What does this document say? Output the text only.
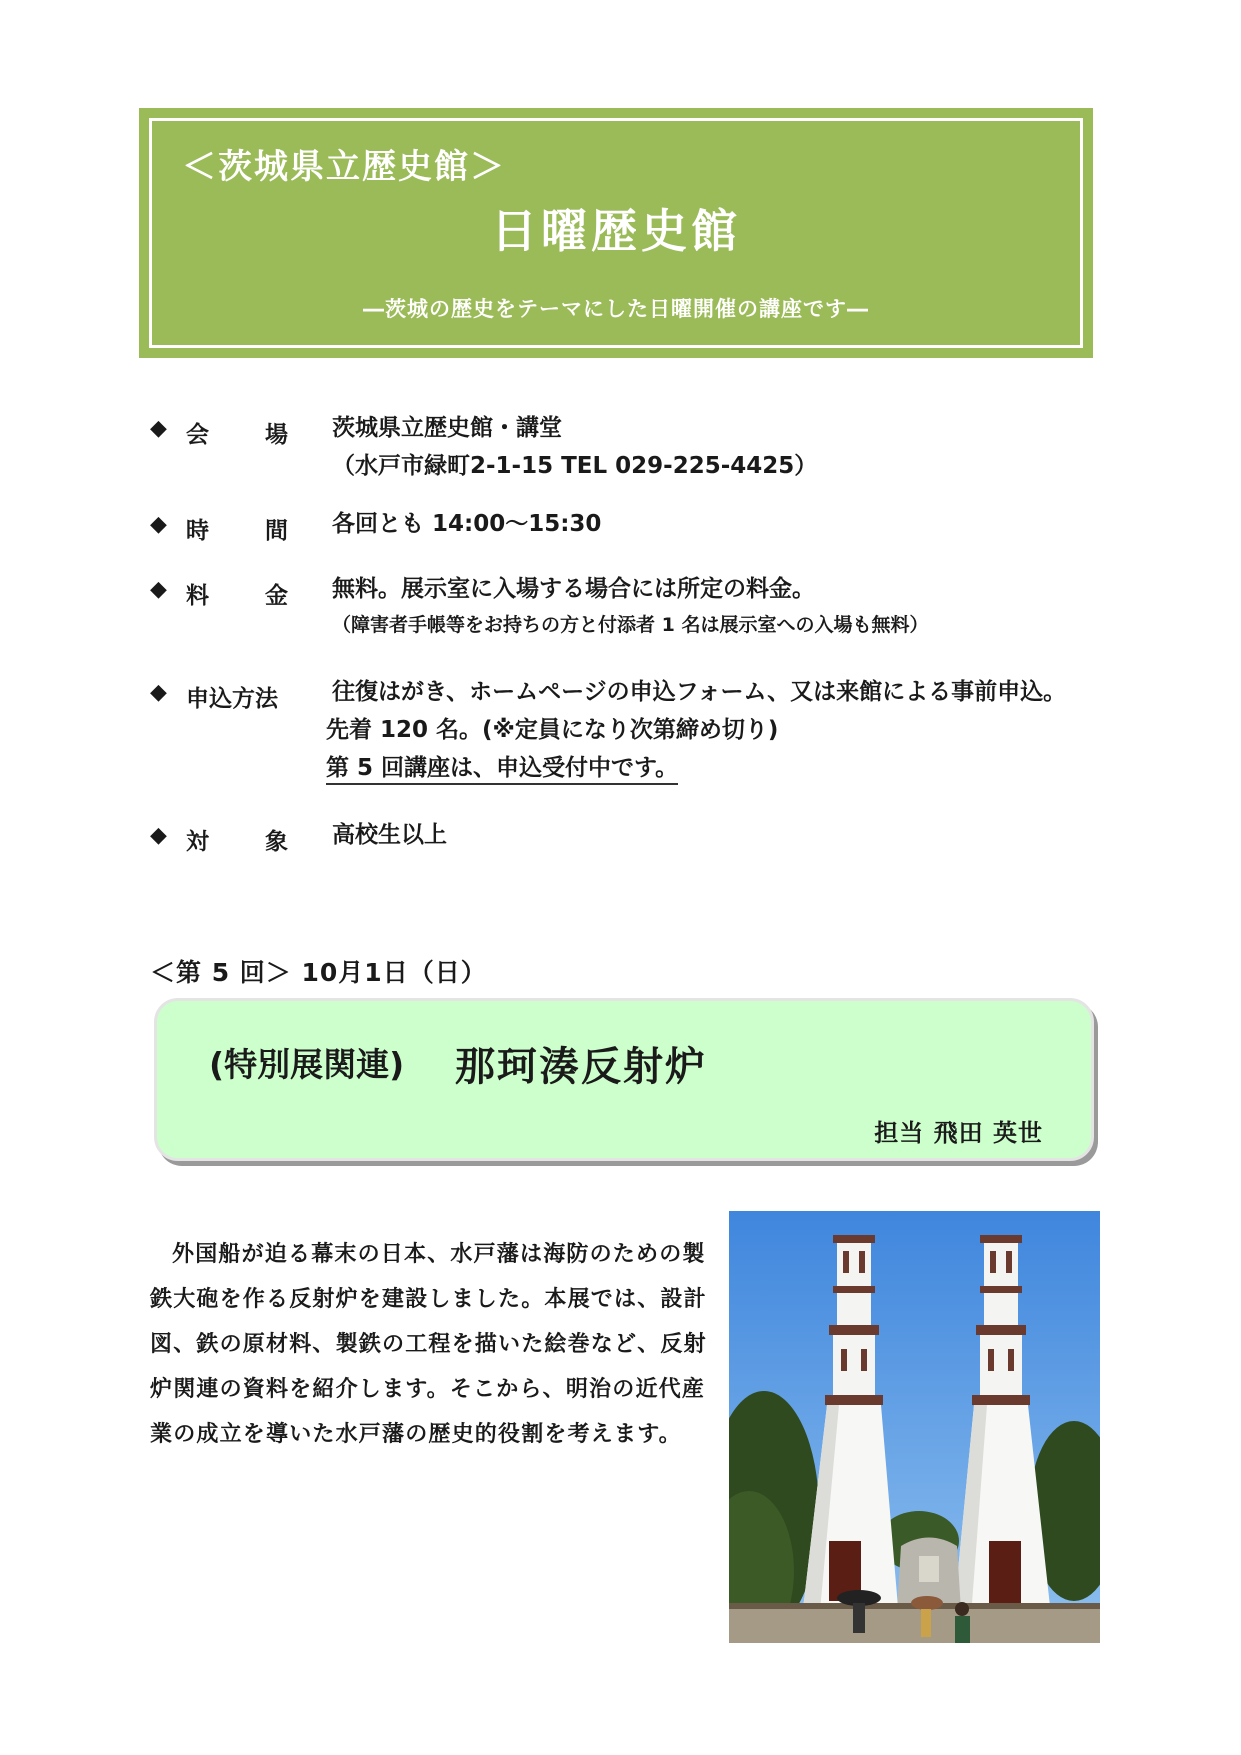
＜茨城県立歴史館＞
日曜歴史館
―茨城の歴史をテーマにした日曜開催の講座です―
◆ 会 場 茨城県立歴史館・講堂
（水戸市緑町2-1-15 TEL 029-225-4425）
◆ 時 間 各回とも 14:00～15:30
◆ 料 金 無料。展示室に入場する場合には所定の料金。
（障害者手帳等をお持ちの方と付添者 1 名は展示室への入場も無料）
◆ 申込方法 往復はがき、ホームページの申込フォーム、又は来館による事前申込。
先着 120 名。(※定員になり次第締め切り)
第 5 回講座は、申込受付中です。
◆ 対 象 高校生以上
＜第 5 回＞ 10月1日（日）
(特別展関連) 那珂湊反射炉
担当 飛田 英世

外国船が迫る幕末の日本、水戸藩は海防のための製鉄大砲を作る反射炉を建設しました。本展では、設計図、鉄の原材料、製鉄の工程を描いた絵巻など、反射炉関連の資料を紹介します。そこから、明治の近代産業の成立を導いた水戸藩の歴史的役割を考えます。
